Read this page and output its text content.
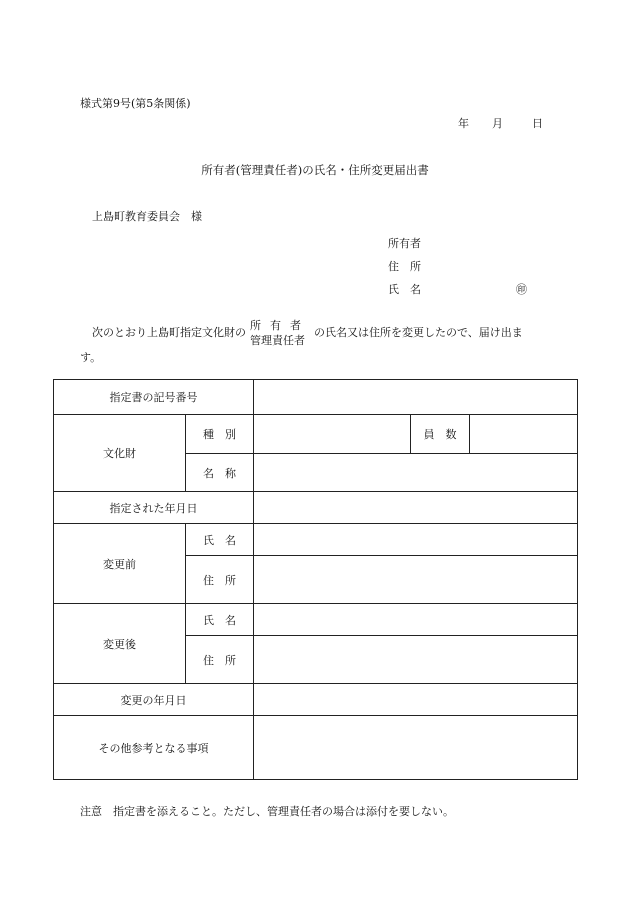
様式第9号(第5条関係)
年 月	日
所有者(管理責任者)の氏名・住所変更届出書
上島町教育委員会　様
所有者
住　所
氏　名	㊞
次のとおり上島町指定文化財の
所有者
管理責任者
の氏名又は住所を変更したので、届け出ま
す。
指定書の記号番号				
文化財	種　別		員　数	
	名　称			
指定された年月日				
変更前	氏　名			
	住　所			
変更後	氏　名			
	住　所			
変更の年月日				
その他参考となる事項				
注意　指定書を添えること。ただし、管理責任者の場合は添付を要しない。
